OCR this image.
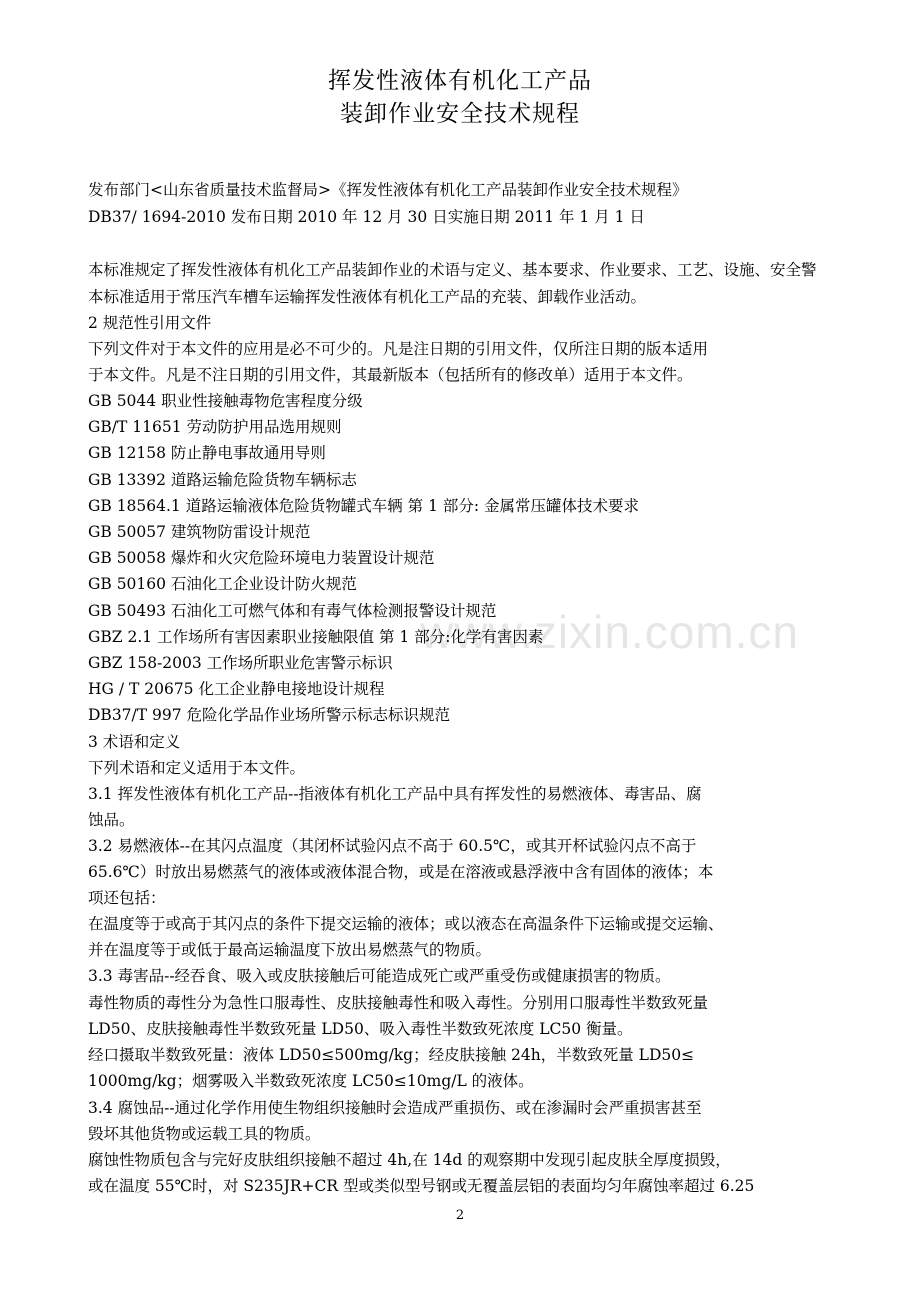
挥发性液体有机化工产品
装卸作业安全技术规程
www.zixin.com.cn
发布部门<山东省质量技术监督局>《挥发性液体有机化工产品装卸作业安全技术规程》
DB37/ 1694-2010 发布日期 2010 年 12 月 30 日实施日期 2011 年 1 月 1 日
本标准规定了挥发性液体有机化工产品装卸作业的术语与定义、基本要求、作业要求、工艺、设施、安全警
本标准适用于常压汽车槽车运输挥发性液体有机化工产品的充装、卸载作业活动。
2 规范性引用文件
下列文件对于本文件的应用是必不可少的。凡是注日期的引用文件，仅所注日期的版本适用
于本文件。凡是不注日期的引用文件，其最新版本（包括所有的修改单）适用于本文件。
GB 5044 职业性接触毒物危害程度分级
GB/T 11651 劳动防护用品选用规则
GB 12158 防止静电事故通用导则
GB 13392 道路运输危险货物车辆标志
GB 18564.1 道路运输液体危险货物罐式车辆 第 1 部分: 金属常压罐体技术要求
GB 50057 建筑物防雷设计规范
GB 50058 爆炸和火灾危险环境电力装置设计规范
GB 50160 石油化工企业设计防火规范
GB 50493 石油化工可燃气体和有毒气体检测报警设计规范
GBZ 2.1 工作场所有害因素职业接触限值 第 1 部分:化学有害因素
GBZ 158-2003 工作场所职业危害警示标识
HG / T 20675 化工企业静电接地设计规程
DB37/T 997 危险化学品作业场所警示标志标识规范
3 术语和定义
下列术语和定义适用于本文件。
3.1 挥发性液体有机化工产品--指液体有机化工产品中具有挥发性的易燃液体、毒害品、腐
蚀品。
3.2 易燃液体--在其闪点温度（其闭杯试验闪点不高于 60.5℃，或其开杯试验闪点不高于
65.6℃）时放出易燃蒸气的液体或液体混合物，或是在溶液或悬浮液中含有固体的液体；本
项还包括：
在温度等于或高于其闪点的条件下提交运输的液体；或以液态在高温条件下运输或提交运输、
并在温度等于或低于最高运输温度下放出易燃蒸气的物质。
3.3 毒害品--经吞食、吸入或皮肤接触后可能造成死亡或严重受伤或健康损害的物质。
毒性物质的毒性分为急性口服毒性、皮肤接触毒性和吸入毒性。分别用口服毒性半数致死量
LD50、皮肤接触毒性半数致死量 LD50、吸入毒性半数致死浓度 LC50 衡量。
经口摄取半数致死量：液体 LD50≤500mg/kg；经皮肤接触 24h，半数致死量 LD50≤
1000mg/kg；烟雾吸入半数致死浓度 LC50≤10mg/L 的液体。
3.4 腐蚀品--通过化学作用使生物组织接触时会造成严重损伤、或在渗漏时会严重损害甚至
毁坏其他货物或运载工具的物质。
腐蚀性物质包含与完好皮肤组织接触不超过 4h,在 14d 的观察期中发现引起皮肤全厚度损毁，
或在温度 55℃时，对 S235JR+CR 型或类似型号钢或无覆盖层铝的表面均匀年腐蚀率超过 6.25
2
